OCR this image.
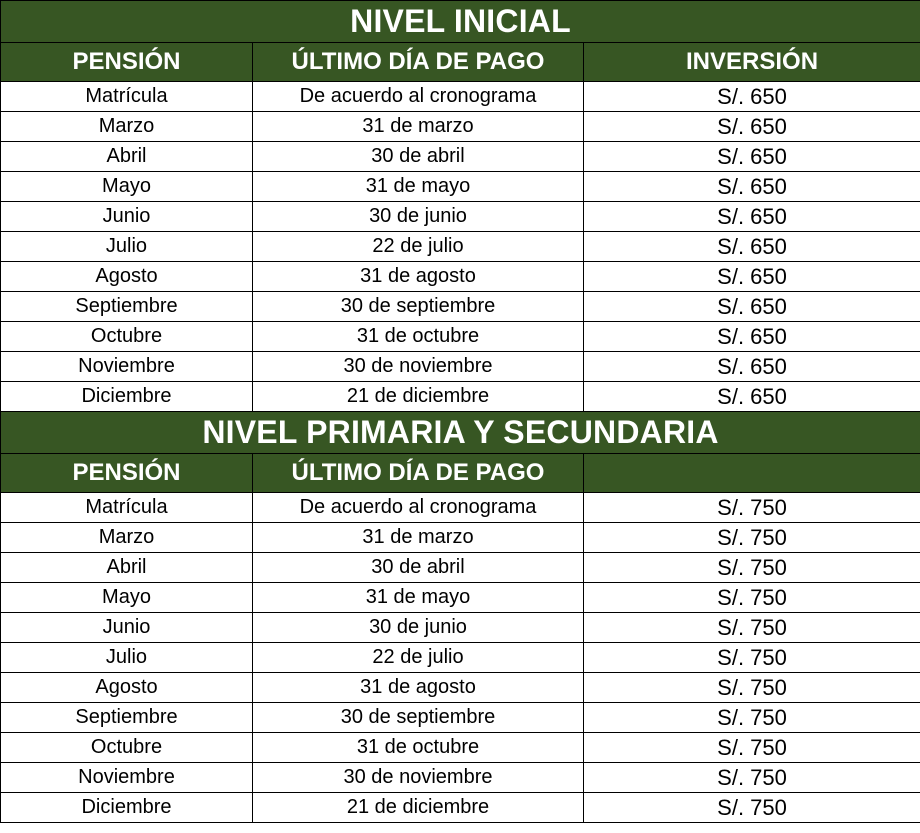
NIVEL INICIAL		
PENSIÓN	ÚLTIMO DÍA DE PAGO	INVERSIÓN
Matrícula	De acuerdo al cronograma	S/. 650
Marzo	31 de marzo	S/. 650
Abril	30 de abril	S/. 650
Mayo	31 de mayo	S/. 650
Junio	30 de junio	S/. 650
Julio	22 de julio	S/. 650
Agosto	31 de agosto	S/. 650
Septiembre	30 de septiembre	S/. 650
Octubre	31 de octubre	S/. 650
Noviembre	30 de noviembre	S/. 650
Diciembre	21 de diciembre	S/. 650
NIVEL PRIMARIA Y SECUNDARIA		
PENSIÓN	ÚLTIMO DÍA DE PAGO	
Matrícula	De acuerdo al cronograma	S/. 750
Marzo	31 de marzo	S/. 750
Abril	30 de abril	S/. 750
Mayo	31 de mayo	S/. 750
Junio	30 de junio	S/. 750
Julio	22 de julio	S/. 750
Agosto	31 de agosto	S/. 750
Septiembre	30 de septiembre	S/. 750
Octubre	31 de octubre	S/. 750
Noviembre	30 de noviembre	S/. 750
Diciembre	21 de diciembre	S/. 750
